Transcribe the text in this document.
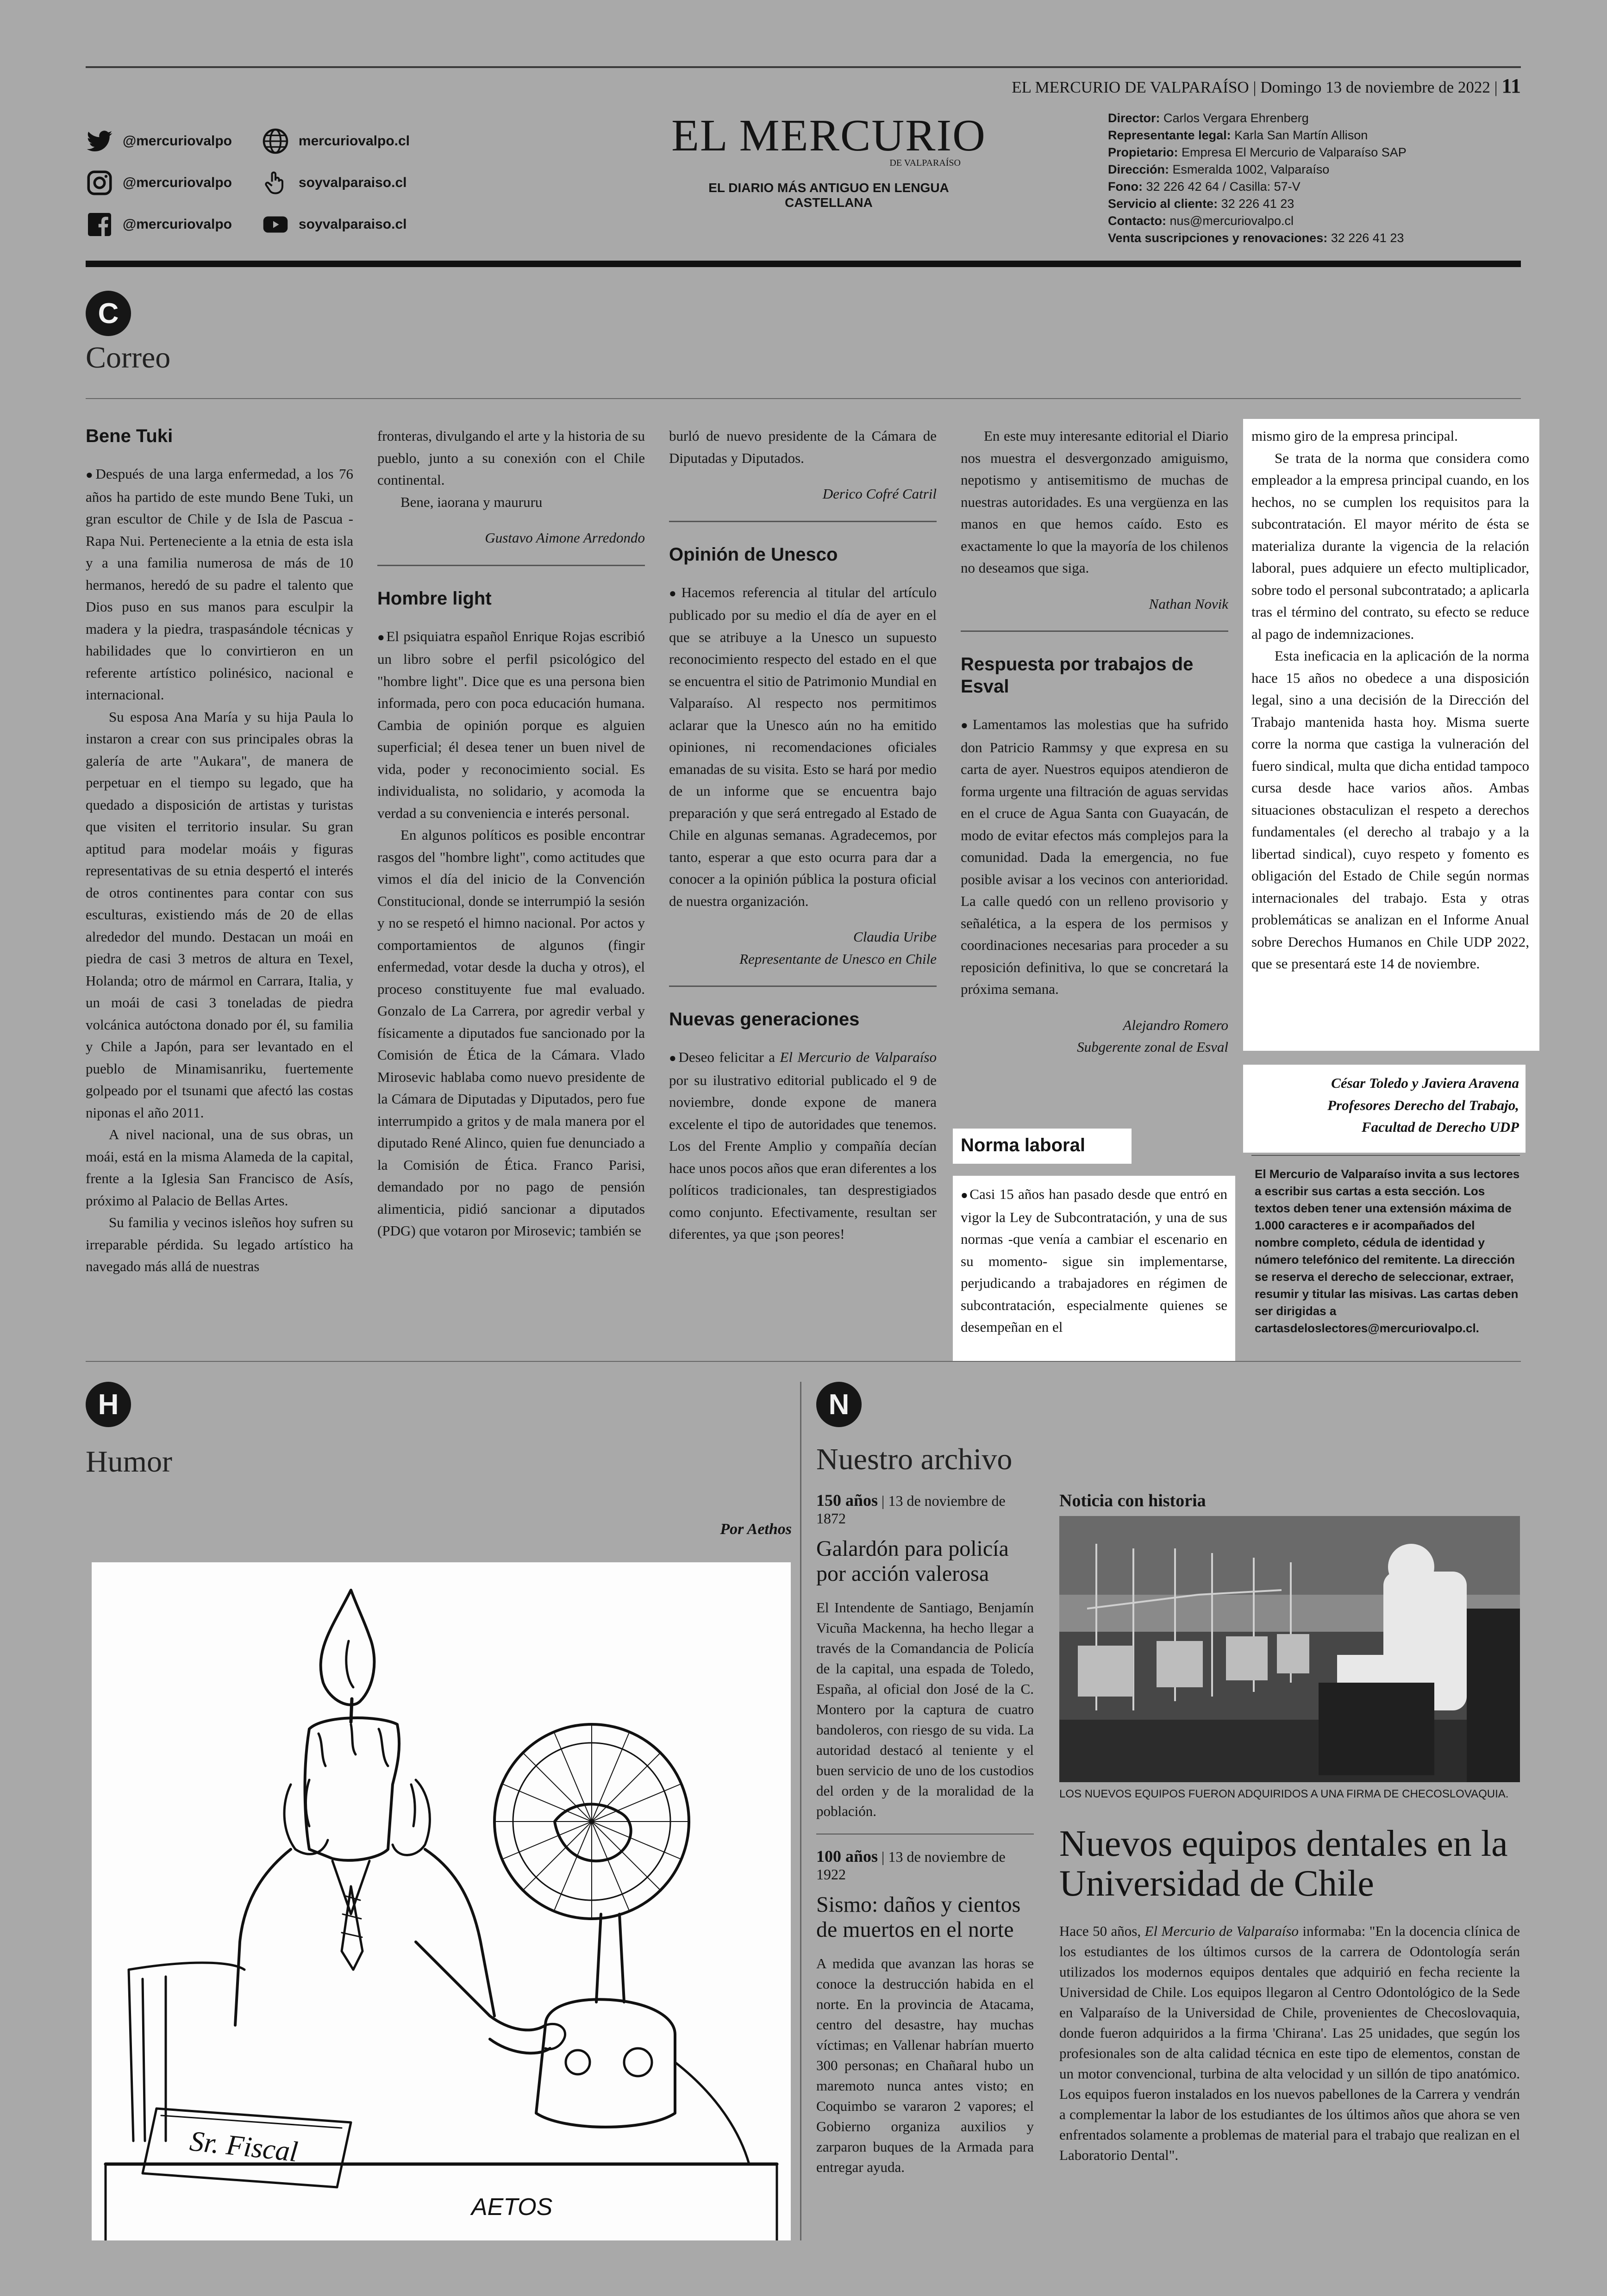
EL MERCURIO DE VALPARAÍSO | Domingo 13 de noviembre de 2022 | 11
EL MERCURIO
DE VALPARAÍSO
EL DIARIO MÁS ANTIGUO EN LENGUA CASTELLANA
@mercuriovalpo	mercuriovalpo.cl
@mercuriovalpo	soyvalparaiso.cl
@mercuriovalpo	soyvalparaiso.cl
Director: Carlos Vergara Ehrenberg
Representante legal: Karla San Martín Allison
Propietario: Empresa El Mercurio de Valparaíso SAP
Dirección: Esmeralda 1002, Valparaíso
Fono: 32 226 42 64 / Casilla: 57-V
Servicio al cliente: 32 226 41 23
Contacto: nus@mercuriovalpo.cl
Venta suscripciones y renovaciones: 32 226 41 23
C
Correo
Bene Tuki

● Después de una larga enfermedad, a los 76 años ha partido de este mundo Bene Tuki, un gran escultor de Chile y de Isla de Pascua - Rapa Nui. Perteneciente a la etnia de esta isla y a una familia numerosa de más de 10 hermanos, heredó de su padre el talento que Dios puso en sus manos para esculpir la madera y la piedra, traspasándole técnicas y habilidades que lo convirtieron en un referente artístico polinésico, nacional e internacional.

Su esposa Ana María y su hija Paula lo instaron a crear con sus principales obras la galería de arte "Aukara", de manera de perpetuar en el tiempo su legado, que ha quedado a disposición de artistas y turistas que visiten el territorio insular. Su gran aptitud para modelar moáis y figuras representativas de su etnia despertó el interés de otros continentes para contar con sus esculturas, existiendo más de 20 de ellas alrededor del mundo. Destacan un moái en piedra de casi 3 metros de altura en Texel, Holanda; otro de mármol en Carrara, Italia, y un moái de casi 3 toneladas de piedra volcánica autóctona donado por él, su familia y Chile a Japón, para ser levantado en el pueblo de Minamisanriku, fuertemente golpeado por el tsunami que afectó las costas niponas el año 2011.

A nivel nacional, una de sus obras, un moái, está en la misma Alameda de la capital, frente a la Iglesia San Francisco de Asís, próximo al Palacio de Bellas Artes.

Su familia y vecinos isleños hoy sufren su irreparable pérdida. Su legado artístico ha navegado más allá de nuestras

fronteras, divulgando el arte y la historia de su pueblo, junto a su conexión con el Chile continental.

Bene, iaorana y maururu

Gustavo Aimone Arredondo

Hombre light

● El psiquiatra español Enrique Rojas escribió un libro sobre el perfil psicológico del "hombre light". Dice que es una persona bien informada, pero con poca educación humana. Cambia de opinión porque es alguien superficial; él desea tener un buen nivel de vida, poder y reconocimiento social. Es individualista, no solidario, y acomoda la verdad a su conveniencia e interés personal.

En algunos políticos es posible encontrar rasgos del "hombre light", como actitudes que vimos el día del inicio de la Convención Constitucional, donde se interrumpió la sesión y no se respetó el himno nacional. Por actos y comportamientos de algunos (fingir enfermedad, votar desde la ducha y otros), el proceso constituyente fue mal evaluado. Gonzalo de La Carrera, por agredir verbal y físicamente a diputados fue sancionado por la Comisión de Ética de la Cámara. Vlado Mirosevic hablaba como nuevo presidente de la Cámara de Diputadas y Diputados, pero fue interrumpido a gritos y de mala manera por el diputado René Alinco, quien fue denunciado a la Comisión de Ética. Franco Parisi, demandado por no pago de pensión alimenticia, pidió sancionar a diputados (PDG) que votaron por Mirosevic; también se

burló de nuevo presidente de la Cámara de Diputadas y Diputados.

Derico Cofré Catril

Opinión de Unesco

● Hacemos referencia al titular del artículo publicado por su medio el día de ayer en el que se atribuye a la Unesco un supuesto reconocimiento respecto del estado en el que se encuentra el sitio de Patrimonio Mundial en Valparaíso. Al respecto nos permitimos aclarar que la Unesco aún no ha emitido opiniones, ni recomendaciones oficiales emanadas de su visita. Esto se hará por medio de un informe que se encuentra bajo preparación y que será entregado al Estado de Chile en algunas semanas. Agradecemos, por tanto, esperar a que esto ocurra para dar a conocer a la opinión pública la postura oficial de nuestra organización.

Claudia Uribe

Representante de Unesco en Chile

Nuevas generaciones

● Deseo felicitar a El Mercurio de Valparaíso por su ilustrativo editorial publicado el 9 de noviembre, donde expone de manera excelente el tipo de autoridades que tenemos. Los del Frente Amplio y compañía decían hace unos pocos años que eran diferentes a los políticos tradicionales, tan desprestigiados como conjunto. Efectivamente, resultan ser diferentes, ya que ¡son peores!

En este muy interesante editorial el Diario nos muestra el desvergonzado amiguismo, nepotismo y antisemitismo de muchas de nuestras autoridades. Es una vergüenza en las manos en que hemos caído. Esto es exactamente lo que la mayoría de los chilenos no deseamos que siga.

Nathan Novik

Respuesta por trabajos de Esval

● Lamentamos las molestias que ha sufrido don Patricio Rammsy y que expresa en su carta de ayer. Nuestros equipos atendieron de forma urgente una filtración de aguas servidas en el cruce de Agua Santa con Guayacán, de modo de evitar efectos más complejos para la comunidad. Dada la emergencia, no fue posible avisar a los vecinos con anterioridad. La calle quedó con un relleno provisorio y señalética, a la espera de los permisos y coordinaciones necesarias para proceder a su reposición definitiva, lo que se concretará la próxima semana.

Alejandro Romero

Subgerente zonal de Esval

Norma laboral

● Casi 15 años han pasado desde que entró en vigor la Ley de Subcontratación, y una de sus normas -que venía a cambiar el escenario en su momento- sigue sin implementarse, perjudicando a trabajadores en régimen de subcontratación, especialmente quienes se desempeñan en el

mismo giro de la empresa principal.

Se trata de la norma que considera como empleador a la empresa principal cuando, en los hechos, no se cumplen los requisitos para la subcontratación. El mayor mérito de ésta se materializa durante la vigencia de la relación laboral, pues adquiere un efecto multiplicador, sobre todo el personal subcontratado; a aplicarla tras el término del contrato, su efecto se reduce al pago de indemnizaciones.

Esta ineficacia en la aplicación de la norma hace 15 años no obedece a una disposición legal, sino a una decisión de la Dirección del Trabajo mantenida hasta hoy. Misma suerte corre la norma que castiga la vulneración del fuero sindical, multa que dicha entidad tampoco cursa desde hace varios años. Ambas situaciones obstaculizan el respeto a derechos fundamentales (el derecho al trabajo y a la libertad sindical), cuyo respeto y fomento es obligación del Estado de Chile según normas internacionales del trabajo. Esta y otras problemáticas se analizan en el Informe Anual sobre Derechos Humanos en Chile UDP 2022, que se presentará este 14 de noviembre.

César Toledo y Javiera Aravena

Profesores Derecho del Trabajo,

Facultad de Derecho UDP

El Mercurio de Valparaíso invita a sus lectores a escribir sus cartas a esta sección. Los textos deben tener una extensión máxima de 1.000 caracteres e ir acompañados del nombre completo, cédula de identidad y número telefónico del remitente. La dirección se reserva el derecho de seleccionar, extraer, resumir y titular las misivas. Las cartas deben ser dirigidas a cartasdeloslectores@mercuriovalpo.cl.
H
Humor
Por Aethos
Sr. Fiscal
AETOS
N
Nuestro archivo
150 años | 13 de noviembre de 1872
Galardón para policía por acción valerosa
El Intendente de Santiago, Benjamín Vicuña Mackenna, ha hecho llegar a través de la Comandancia de Policía de la capital, una espada de Toledo, España, al oficial don José de la C. Montero por la captura de cuatro bandoleros, con riesgo de su vida. La autoridad destacó al teniente y el buen servicio de uno de los custodios del orden y de la moralidad de la población.
100 años | 13 de noviembre de 1922
Sismo: daños y cientos de muertos en el norte
A medida que avanzan las horas se conoce la destrucción habida en el norte. En la provincia de Atacama, centro del desastre, hay muchas víctimas; en Vallenar habrían muerto 300 personas; en Chañaral hubo un maremoto nunca antes visto; en Coquimbo se vararon 2 vapores; el Gobierno organiza auxilios y zarparon buques de la Armada para entregar ayuda.
Noticia con historia
LOS NUEVOS EQUIPOS FUERON ADQUIRIDOS A UNA FIRMA DE CHECOSLOVAQUIA.
Nuevos equipos dentales en la Universidad de Chile

Hace 50 años, El Mercurio de Valparaíso informaba: "En la docencia clínica de los estudiantes de los últimos cursos de la carrera de Odontología serán utilizados los modernos equipos dentales que adquirió en fecha reciente la Universidad de Chile. Los equipos llegaron al Centro Odontológico de la Sede en Valparaíso de la Universidad de Chile, provenientes de Checoslovaquia, donde fueron adquiridos a la firma 'Chirana'. Las 25 unidades, que según los profesionales son de alta calidad técnica en este tipo de elementos, constan de un motor convencional, turbina de alta velocidad y un sillón de tipo anatómico. Los equipos fueron instalados en los nuevos pabellones de la Carrera y vendrán a complementar la labor de los estudiantes de los últimos años que ahora se ven enfrentados solamente a problemas de material para el trabajo que realizan en el Laboratorio Dental".
